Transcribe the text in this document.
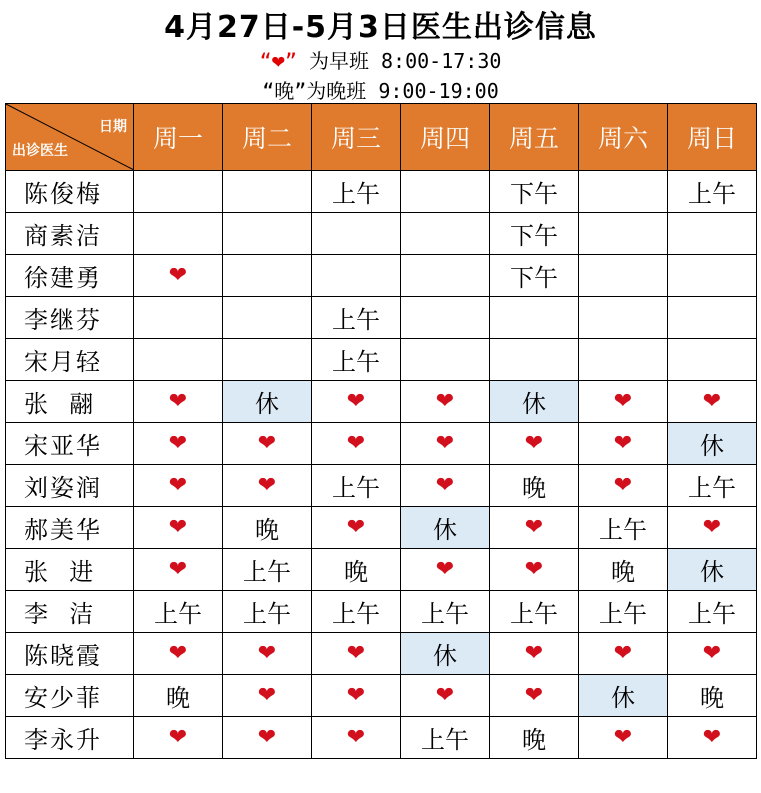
4月27日-5月3日医生出诊信息
“❤” 为早班 8:00-17:30
“晚”为晚班 9:00-19:00
日期
出诊医生	周一	周二	周三	周四	周五	周六	周日
陈俊梅			上午		下午		上午
商素洁					下午		
徐建勇	❤				下午		
李继芬			上午				
宋月轻			上午				
张  翮	❤	休	❤	❤	休	❤	❤
宋亚华	❤	❤	❤	❤	❤	❤	休
刘姿润	❤	❤	上午	❤	晚	❤	上午
郝美华	❤	晚	❤	休	❤	上午	❤
张  进	❤	上午	晚	❤	❤	晚	休
李  洁	上午	上午	上午	上午	上午	上午	上午
陈晓霞	❤	❤	❤	休	❤	❤	❤
安少菲	晚	❤	❤	❤	❤	休	晚
李永升	❤	❤	❤	上午	晚	❤	❤
